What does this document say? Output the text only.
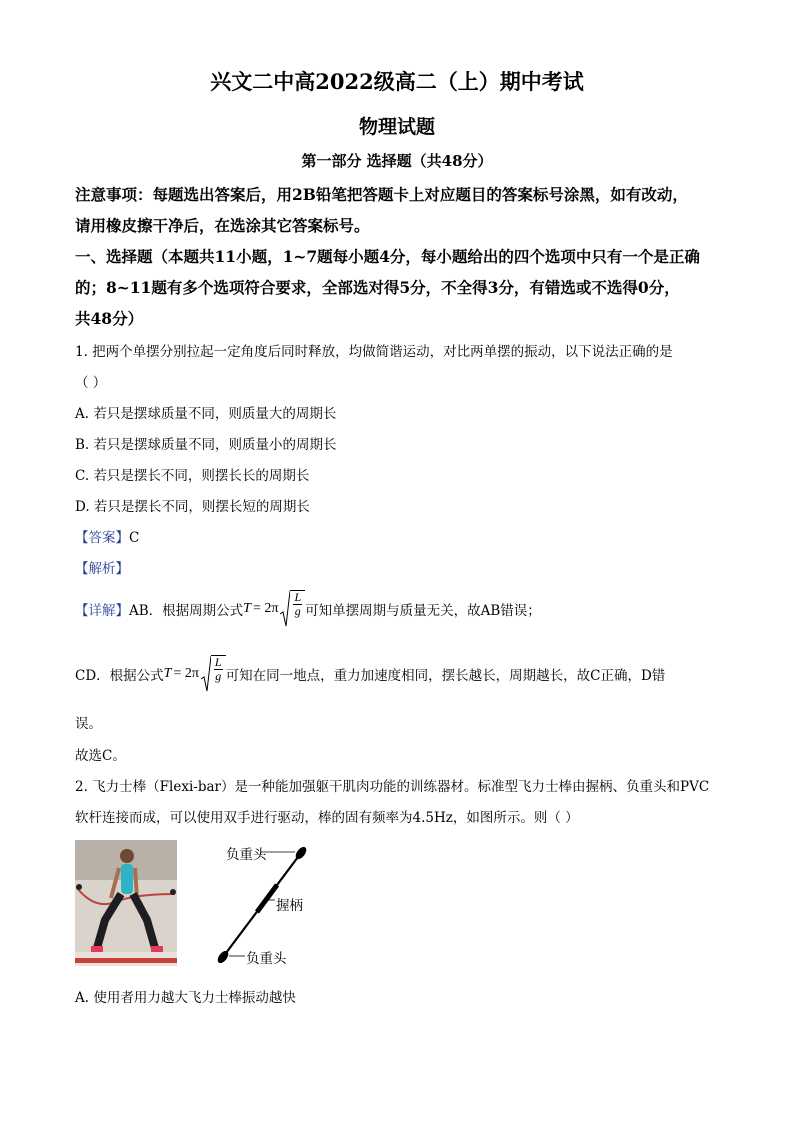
兴文二中高2022级高二（上）期中考试
物理试题
第一部分 选择题（共48分）
注意事项：每题选出答案后，用2B铅笔把答题卡上对应题目的答案标号涂黑，如有改动，
请用橡皮擦干净后，在选涂其它答案标号。
一、选择题（本题共11小题，1~7题每小题4分，每小题给出的四个选项中只有一个是正确
的；8~11题有多个选项符合要求，全部选对得5分，不全得3分，有错选或不选得0分，
共48分）
1. 把两个单摆分别拉起一定角度后同时释放，均做简谐运动，对比两单摆的振动，以下说法正确的是
（ ）
A. 若只是摆球质量不同，则质量大的周期长
B. 若只是摆球质量不同，则质量小的周期长
C. 若只是摆长不同，则摆长长的周期长
D. 若只是摆长不同，则摆长短的周期长
【答案】C
【解析】
【详解】 AB．根据周期公式 $T = 2\pi \frac{L}{g}$ 可知单摆周期与质量无关，故AB错误；
CD．根据公式 $T = 2\pi \frac{L}{g}$ 可知在同一地点，重力加速度相同，摆长越长，周期越长，故C正确，D错
误。
故选C。
2. 飞力士棒（Flexi-bar）是一种能加强躯干肌肉功能的训练器材。标准型飞力士棒由握柄、负重头和PVC
软杆连接而成，可以使用双手进行驱动，棒的固有频率为4.5Hz，如图所示。则（ ）
负重头
握柄
负重头
A. 使用者用力越大飞力士棒振动越快
